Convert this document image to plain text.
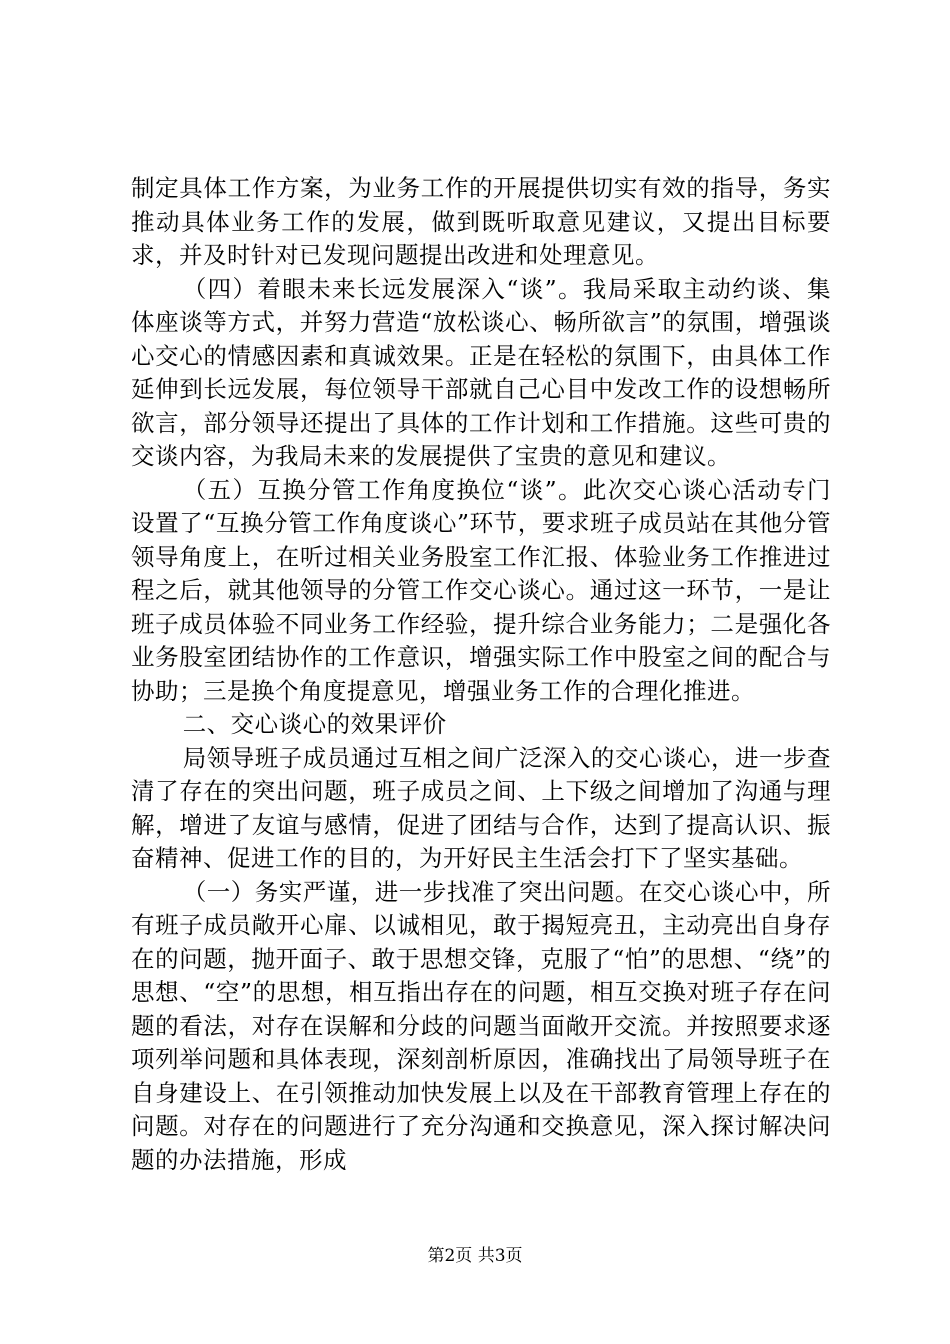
制定具体工作方案，为业务工作的开展提供切实有效的指导，务实推动具体业务工作的发展，做到既听取意见建议，又提出目标要求，并及时针对已发现问题提出改进和处理意见。

（四）着眼未来长远发展深入“谈”。我局采取主动约谈、集体座谈等方式，并努力营造“放松谈心、畅所欲言”的氛围，增强谈心交心的情感因素和真诚效果。正是在轻松的氛围下，由具体工作延伸到长远发展，每位领导干部就自己心目中发改工作的设想畅所欲言，部分领导还提出了具体的工作计划和工作措施。这些可贵的交谈内容，为我局未来的发展提供了宝贵的意见和建议。

（五）互换分管工作角度换位“谈”。此次交心谈心活动专门设置了“互换分管工作角度谈心”环节，要求班子成员站在其他分管领导角度上，在听过相关业务股室工作汇报、体验业务工作推进过程之后，就其他领导的分管工作交心谈心。通过这一环节，一是让班子成员体验不同业务工作经验，提升综合业务能力；二是强化各业务股室团结协作的工作意识，增强实际工作中股室之间的配合与协助；三是换个角度提意见，增强业务工作的合理化推进。

二、交心谈心的效果评价

局领导班子成员通过互相之间广泛深入的交心谈心，进一步查清了存在的突出问题，班子成员之间、上下级之间增加了沟通与理解，增进了友谊与感情，促进了团结与合作，达到了提高认识、振奋精神、促进工作的目的，为开好民主生活会打下了坚实基础。

（一）务实严谨，进一步找准了突出问题。在交心谈心中，所有班子成员敞开心扉、以诚相见，敢于揭短亮丑，主动亮出自身存在的问题，抛开面子、敢于思想交锋，克服了“怕”的思想、“绕”的思想、“空”的思想，相互指出存在的问题，相互交换对班子存在问题的看法，对存在误解和分歧的问题当面敞开交流。并按照要求逐项列举问题和具体表现，深刻剖析原因，准确找出了局领导班子在自身建设上、在引领推动加快发展上以及在干部教育管理上存在的问题。对存在的问题进行了充分沟通和交换意见，深入探讨解决问题的办法措施，形成

第2页 共3页
